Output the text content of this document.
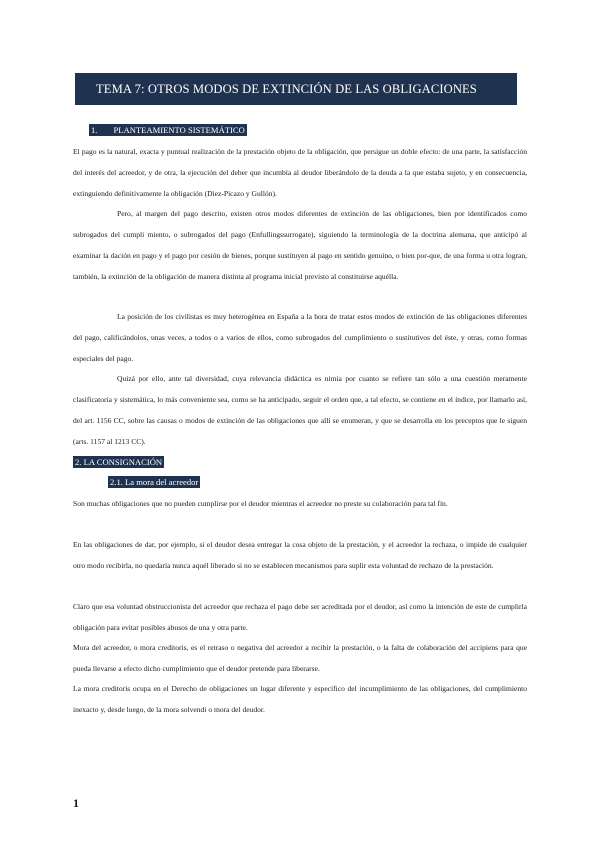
TEMA 7: OTROS MODOS DE EXTINCIÓN DE LAS OBLIGACIONES
1. PLANTEAMIENTO SISTEMÁTICO

El pago es la natural, exacta y puntual realización de la prestación objeto de la obligación, que persigue un doble efecto: de una parte, la satisfacción del interés del acreedor, y de otra, la ejecución del deber que incumbía al deudor liberándolo de la deuda a la que estaba sujeto, y en consecuencia, extinguiendo definitivamente la obligación (Diez-Picazo y Gullón).

Pero, al margen del pago descrito, existen otros modos diferentes de extinción de las obligaciones, bien por identificados como subrogados del cumpli miento, o subrogados del pago (Enfullingssurrogate), siguiendo la terminología de la doctrina alemana, que anticipó al examinar la dación en pago y el pago por cesión de bienes, porque sustituyen al pago en sentido genuino, o bien por-que, de una forma u otra logran, también, la extinción de la obligación de manera distinta al programa inicial previsto al constituirse aquélla.

La posición de los civilistas es muy heterogénea en España a la hora de tratar estos modos de extinción de las obligaciones diferentes del pago, calificándolos, unas veces, a todos o a varios de ellos, como subrogados del cumplimiento o sustitutivos del éste, y otras, como formas especiales del pago.

Quizá por ello, ante tal diversidad, cuya relevancia didáctica es nimia por cuanto se refiere tan sólo a una cuestión meramente clasificatoria y sistemática, lo más conveniente sea, como se ha anticipado, seguir el orden que, a tal efecto, se contiene en el índice, por llamarlo así, del art. 1156 CC, sobre las causas o modos de extinción de las obligaciones que allí se enumeran, y que se desarrolla en los preceptos que le siguen (arts. 1157 al 1213 CC).

2. LA CONSIGNACIÓN
2.1. La mora del acreedor

Son muchas obligaciones que no pueden cumplirse por el deudor mientras el acreedor no preste su colaboración para tal fin.

En las obligaciones de dar, por ejemplo, si el deudor desea entregar la cosa objeto de la prestación, y el acreedor la rechaza, o impide de cualquier otro modo recibirla, no quedaría nunca aquél liberado si no se establecen mecanismos para suplir esta voluntad de rechazo de la prestación.

Claro que esa voluntad obstruccionista del acreedor que rechaza el pago debe ser acreditada por el deudor, así como la intención de este de cumplirla obligación para evitar posibles abusos de una y otra parte.

Mora del acreedor, o mora creditoris, es el retraso o negativa del acreedor a recibir la prestación, o la falta de colaboración del accipiens para que pueda llevarse a efecto dicho cumplimiento que el deudor pretende para liberarse.

La mora creditoris ocupa en el Derecho de obligaciones un lugar diferente y específico del incumplimiento de las obligaciones, del cumplimiento inexacto y, desde luego, de la mora solvendi o mora del deudor.

1
